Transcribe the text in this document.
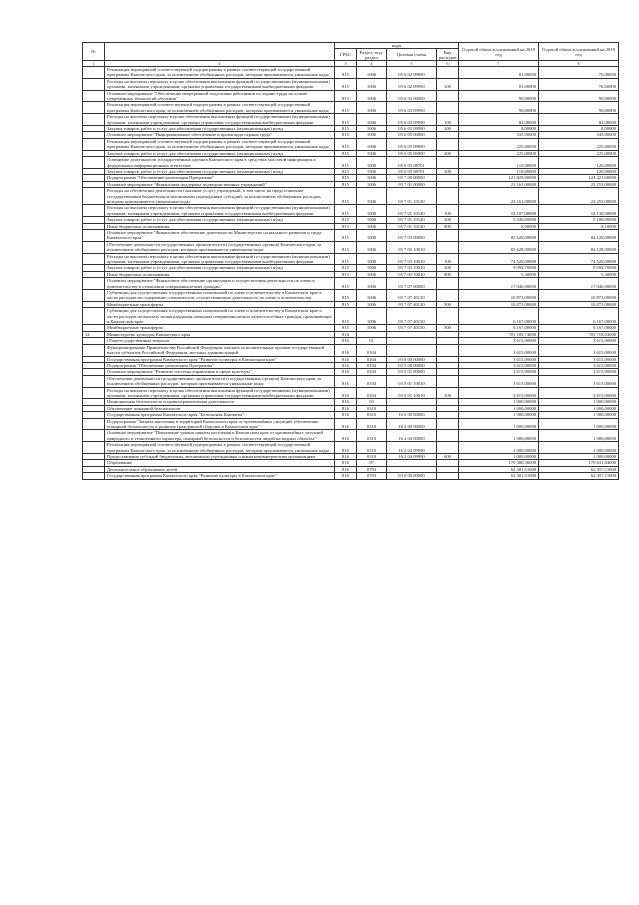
№		коды				Годовой объем ассигнований на 2018 год	Годовой объем ассигнований на 2019 год
		ГРБС	Раздел, под-раздел	Целевая статья	Вид расходов		
1	2	3	4	5	6	7	8
	Реализация мероприятий соответствующей подпрограммы в рамках соответствующей государственной программы Камчатского края, за исключением обобщенных расходов, которым присваиваются уникальные коды	815	1006	05 6 02 09990		81,00000	76,00000
	Расходы на выплаты персоналу в целях обеспечения выполнения функций государственными (муниципальными) органами, казенными учреждениями, органами управления государственными внебюджетными фондами	815	1006	05 6 02 09990	100	81,00000	76,00000
	Основное мероприятие "Обеспечение непрерывной подготовки работников по охране труда на основе современных технологий обучения"	815	1006	05 6 03 00000		90,00000	90,00000
	Реализация мероприятий соответствующей подпрограммы в рамках соответствующей государственной программы Камчатского края, за исключением обобщенных расходов, которым присваиваются уникальные коды	815	1006	05 6 03 09990		90,00000	90,00000
	Расходы на выплаты персоналу в целях обеспечения выполнения функций государственными (муниципальными) органами, казенными учреждениями, органами управления государственными внебюджетными фондами	815	1006	05 6 03 09990	100	82,00000	82,00000
	Закупка товаров, работ и услуг для обеспечения государственных (муниципальных) нужд	815	1006	05 6 03 09990	200	8,00000	8,00000
	Основное мероприятие "Информационное обеспечение и пропаганда охраны труда"	815	1006	05 6 05 00000		335,00000	345,00000
	Реализация мероприятий соответствующей подпрограммы в рамках соответствующей государственной программы Камчатского края, за исключением обобщенных расходов, которым присваиваются уникальные коды	815	1006	05 6 05 09990		225,00000	225,00000
	Закупка товаров, работ и услуг для обеспечения государственных (муниципальных) нужд	815	1006	05 6 05 09990	200	225,00000	225,00000
	Освещение деятельности государственных органов Камчатского края в средствах массовой информации и федеральных информационных агентствах	815	1006	05 6 05 98701		110,00000	120,00000
	Закупка товаров, работ и услуг для обеспечения государственных (муниципальных) нужд	815	1006	05 6 05 98701	200	110,00000	120,00000
	Подпрограмма "Обеспечение реализации Программы"	815	1006	05 7 00 00000		123 829,00000	124 421,00000
	Основное мероприятие "Финансовая поддержка подведомственных учреждений"	815	1006	05 7 01 00000		23 161,00000	23 253,00000
	Расходы на обеспечение деятельности (оказание услуг) учреждений, в том числе на предоставление государственным бюджетным и автономным учреждениям субсидий, за исключением обобщенных расходов, которым присваиваются уникальные коды	815	1006	05 7 01 10140		23 161,00000	23 253,00000
	Расходы на выплаты персоналу в целях обеспечения выполнения функций государственными (муниципальными) органами, казенными учреждениями, органами управления государственными внебюджетными фондами	815	1006	05 7 01 10140	100	18 107,00000	18 138,00000
	Закупка товаров, работ и услуг для обеспечения государственных (муниципальных) нужд	815	1006	05 7 01 10140	200	5 046,00000	5 106,90000
	Иные бюджетные ассигнования	815	1006	05 7 01 10140	800	8,00000	8,10000
	Основное мероприятие "Финансовое обеспечение деятельности Министерства социального развития и труда Камчатского края"	815	1006	05 7 03 00000		83 628,00000	84 128,00000
	Обеспечение деятельности государственных органов власти (государственных органов) Камчатского края, за исключением обобщенных расходов, которым присваиваются уникальные коды	815	1006	05 7 03 10010		83 628,00000	84 128,00000
	Расходы на выплаты персоналу в целях обеспечения выполнения функций государственными (муниципальными) органами, казенными учреждениями, органами управления государственными внебюджетными фондами	815	1006	05 7 03 10010	100	74 528,00000	74 528,00000
	Закупка товаров, работ и услуг для обеспечения государственных (муниципальных) нужд	815	1006	05 7 03 10010	200	9 094,70000	9 594,70000
	Иные бюджетные ассигнования	815	1006	05 7 03 10010	800	5,30000	5,30000
	Основное мероприятие "Финансовое обеспечение организации и осуществления деятельности по опеке и попечительству в отношении совершеннолетних граждан"	815	1006	05 7 07 00000		17 040,00000	17 040,00000
	Субвенции для осуществления государственных полномочий по опеке и попечительству в Камчатском крае в части расходов на содержание специалистов, осуществляющих деятельность по опеке и попечительству	815	1006	05 7 07 40120		10 873,00000	10 873,00000
	Межбюджетные трансферты	815	1006	05 7 07 40120	500	10 873,00000	10 873,00000
	Субвенции для осуществления государственных полномочий по опеке и попечительству в Камчатском крае в части расходов на выплату вознаграждения опекунам совершеннолетних недееспособных граждан, проживающих в Камчатском крае	815	1006	05 7 07 40150		6 167,00000	6 167,00000
	Межбюджетные трансферты	815	1006	05 7 07 40150	500	6 167,00000	6 167,00000
14	Министерство культуры Камчатского края	816				701 109,74000	703 718,03000
	Общегосударственные вопросы	816	01			3 615,00000	3 615,00000
	Функционирование Правительства Российской Федерации, высших исполнительных органов государственной власти субъектов Российской Федерации, местных администраций	816	0104			3 615,00000	3 615,00000
	Государственная программа Камчатского края "Развитие культуры в Камчатском крае"	816	0104	03 0 00 00000		3 615,00000	3 615,00000
	Подпрограмма "Обеспечение реализации Программы"	816	0104	03 5 00 00000		3 615,00000	3 615,00000
	Основное мероприятие "Развитие системы управления в сфере культуры"	816	0104	03 5 01 00000		3 615,00000	3 615,00000
	Обеспечение деятельности государственных органов власти (государственных органов) Камчатского края, за исключением обобщенных расходов, которым присваиваются уникальные коды	816	0104	03 5 01 10010		3 615,00000	3 615,00000
	Расходы на выплаты персоналу в целях обеспечения выполнения функций государственными (муниципальными) органами, казенными учреждениями, органами управления государственными внебюджетными фондами	816	0104	03 5 01 10010	100	3 615,00000	3 615,00000
	Национальная безопасность и правоохранительная деятельность	816	03			1 000,00000	1 000,00000
	Обеспечение пожарной безопасности	816	0310			1 000,00000	1 000,00000
	Государственная программа Камчатского края "Безопасная Камчатка"	816	0310	16 0 00 00000		1 000,00000	1 000,00000
	Подпрограмма "Защита населения и территорий Камчатского края от чрезвычайных ситуаций, обеспечение пожарной безопасности и развитие гражданской обороны в Камчатском крае"	816	0310	16 2 00 00000		1 000,00000	1 000,00000
	Основное мероприятие "Повышение уровня защиты населения в Камчатском крае от чрезвычайных ситуаций природного и техногенного характера, пожарной безопасности и безопасности людей на водных объектах"	816	0310	16 2 04 00000		1 000,00000	1 000,00000
	Реализация мероприятий соответствующей подпрограммы в рамках соответствующей государственной программы Камчатского края, за исключением обобщенных расходов, которым присваиваются уникальные коды	816	0310	16 2 04 09990		1 000,00000	1 000,00000
	Предоставление субсидий бюджетным, автономным учреждениям и иным некоммерческим организациям	816	0310	16 2 04 09990	600	1 000,00000	1 000,00000
	Образование	816	07			170 380,56000	170 631,84000
	Дополнительное образование детей	816	0703			62 301,51000	62 457,11000
	Государственная программа Камчатского края "Развитие культуры в Камчатском крае"	816	0703	03 0 00 00000		62 301,51000	62 457,11000
